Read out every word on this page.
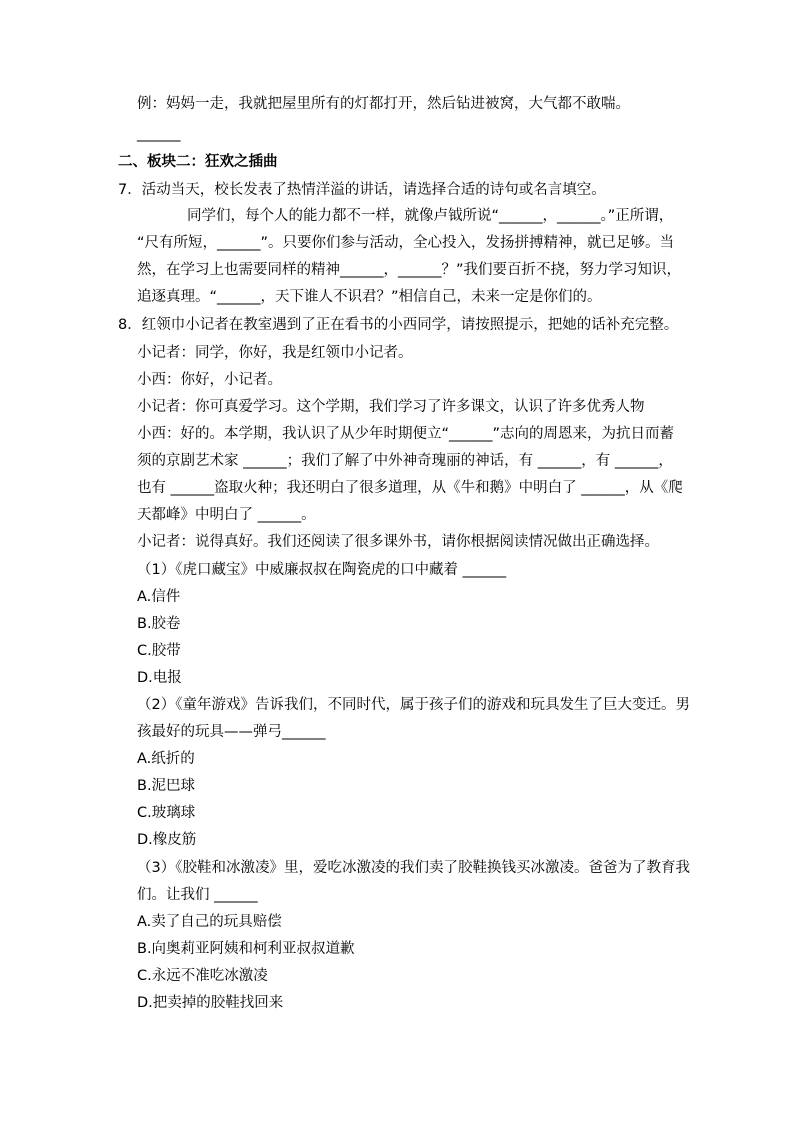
例：妈妈一走，我就把屋里所有的灯都打开，然后钻进被窝，大气都不敢喘。
______
二、板块二：狂欢之插曲
7．活动当天，校长发表了热情洋溢的讲话，请选择合适的诗句或名言填空。
同学们，每个人的能力都不一样，就像卢钺所说“______，______。”正所谓，
“尺有所短，______”。只要你们参与活动，全心投入，发扬拼搏精神，就已足够。当
然，在学习上也需要同样的精神______，______？”我们要百折不挠，努力学习知识，
追逐真理。“______，天下谁人不识君？”相信自己，未来一定是你们的。
8．红领巾小记者在教室遇到了正在看书的小西同学，请按照提示，把她的话补充完整。
小记者：同学，你好，我是红领巾小记者。
小西：你好，小记者。
小记者：你可真爱学习。这个学期，我们学习了许多课文，认识了许多优秀人物
小西：好的。本学期，我认识了从少年时期便立“______”志向的周恩来，为抗日而蓄
须的京剧艺术家 ______；我们了解了中外神奇瑰丽的神话，有 ______，有 ______，
也有 ______盗取火种；我还明白了很多道理，从《牛和鹅》中明白了 ______，从《爬
天都峰》中明白了 ______。
小记者：说得真好。我们还阅读了很多课外书，请你根据阅读情况做出正确选择。
（1）《虎口藏宝》中威廉叔叔在陶瓷虎的口中藏着 ______
A.信件
B.胶卷
C.胶带
D.电报
（2）《童年游戏》告诉我们，不同时代，属于孩子们的游戏和玩具发生了巨大变迁。男
孩最好的玩具——弹弓______
A.纸折的
B.泥巴球
C.玻璃球
D.橡皮筋
（3）《胶鞋和冰激凌》里，爱吃冰激凌的我们卖了胶鞋换钱买冰激凌。爸爸为了教育我
们。让我们 ______
A.卖了自己的玩具赔偿
B.向奥莉亚阿姨和柯利亚叔叔道歉
C.永远不准吃冰激凌
D.把卖掉的胶鞋找回来
